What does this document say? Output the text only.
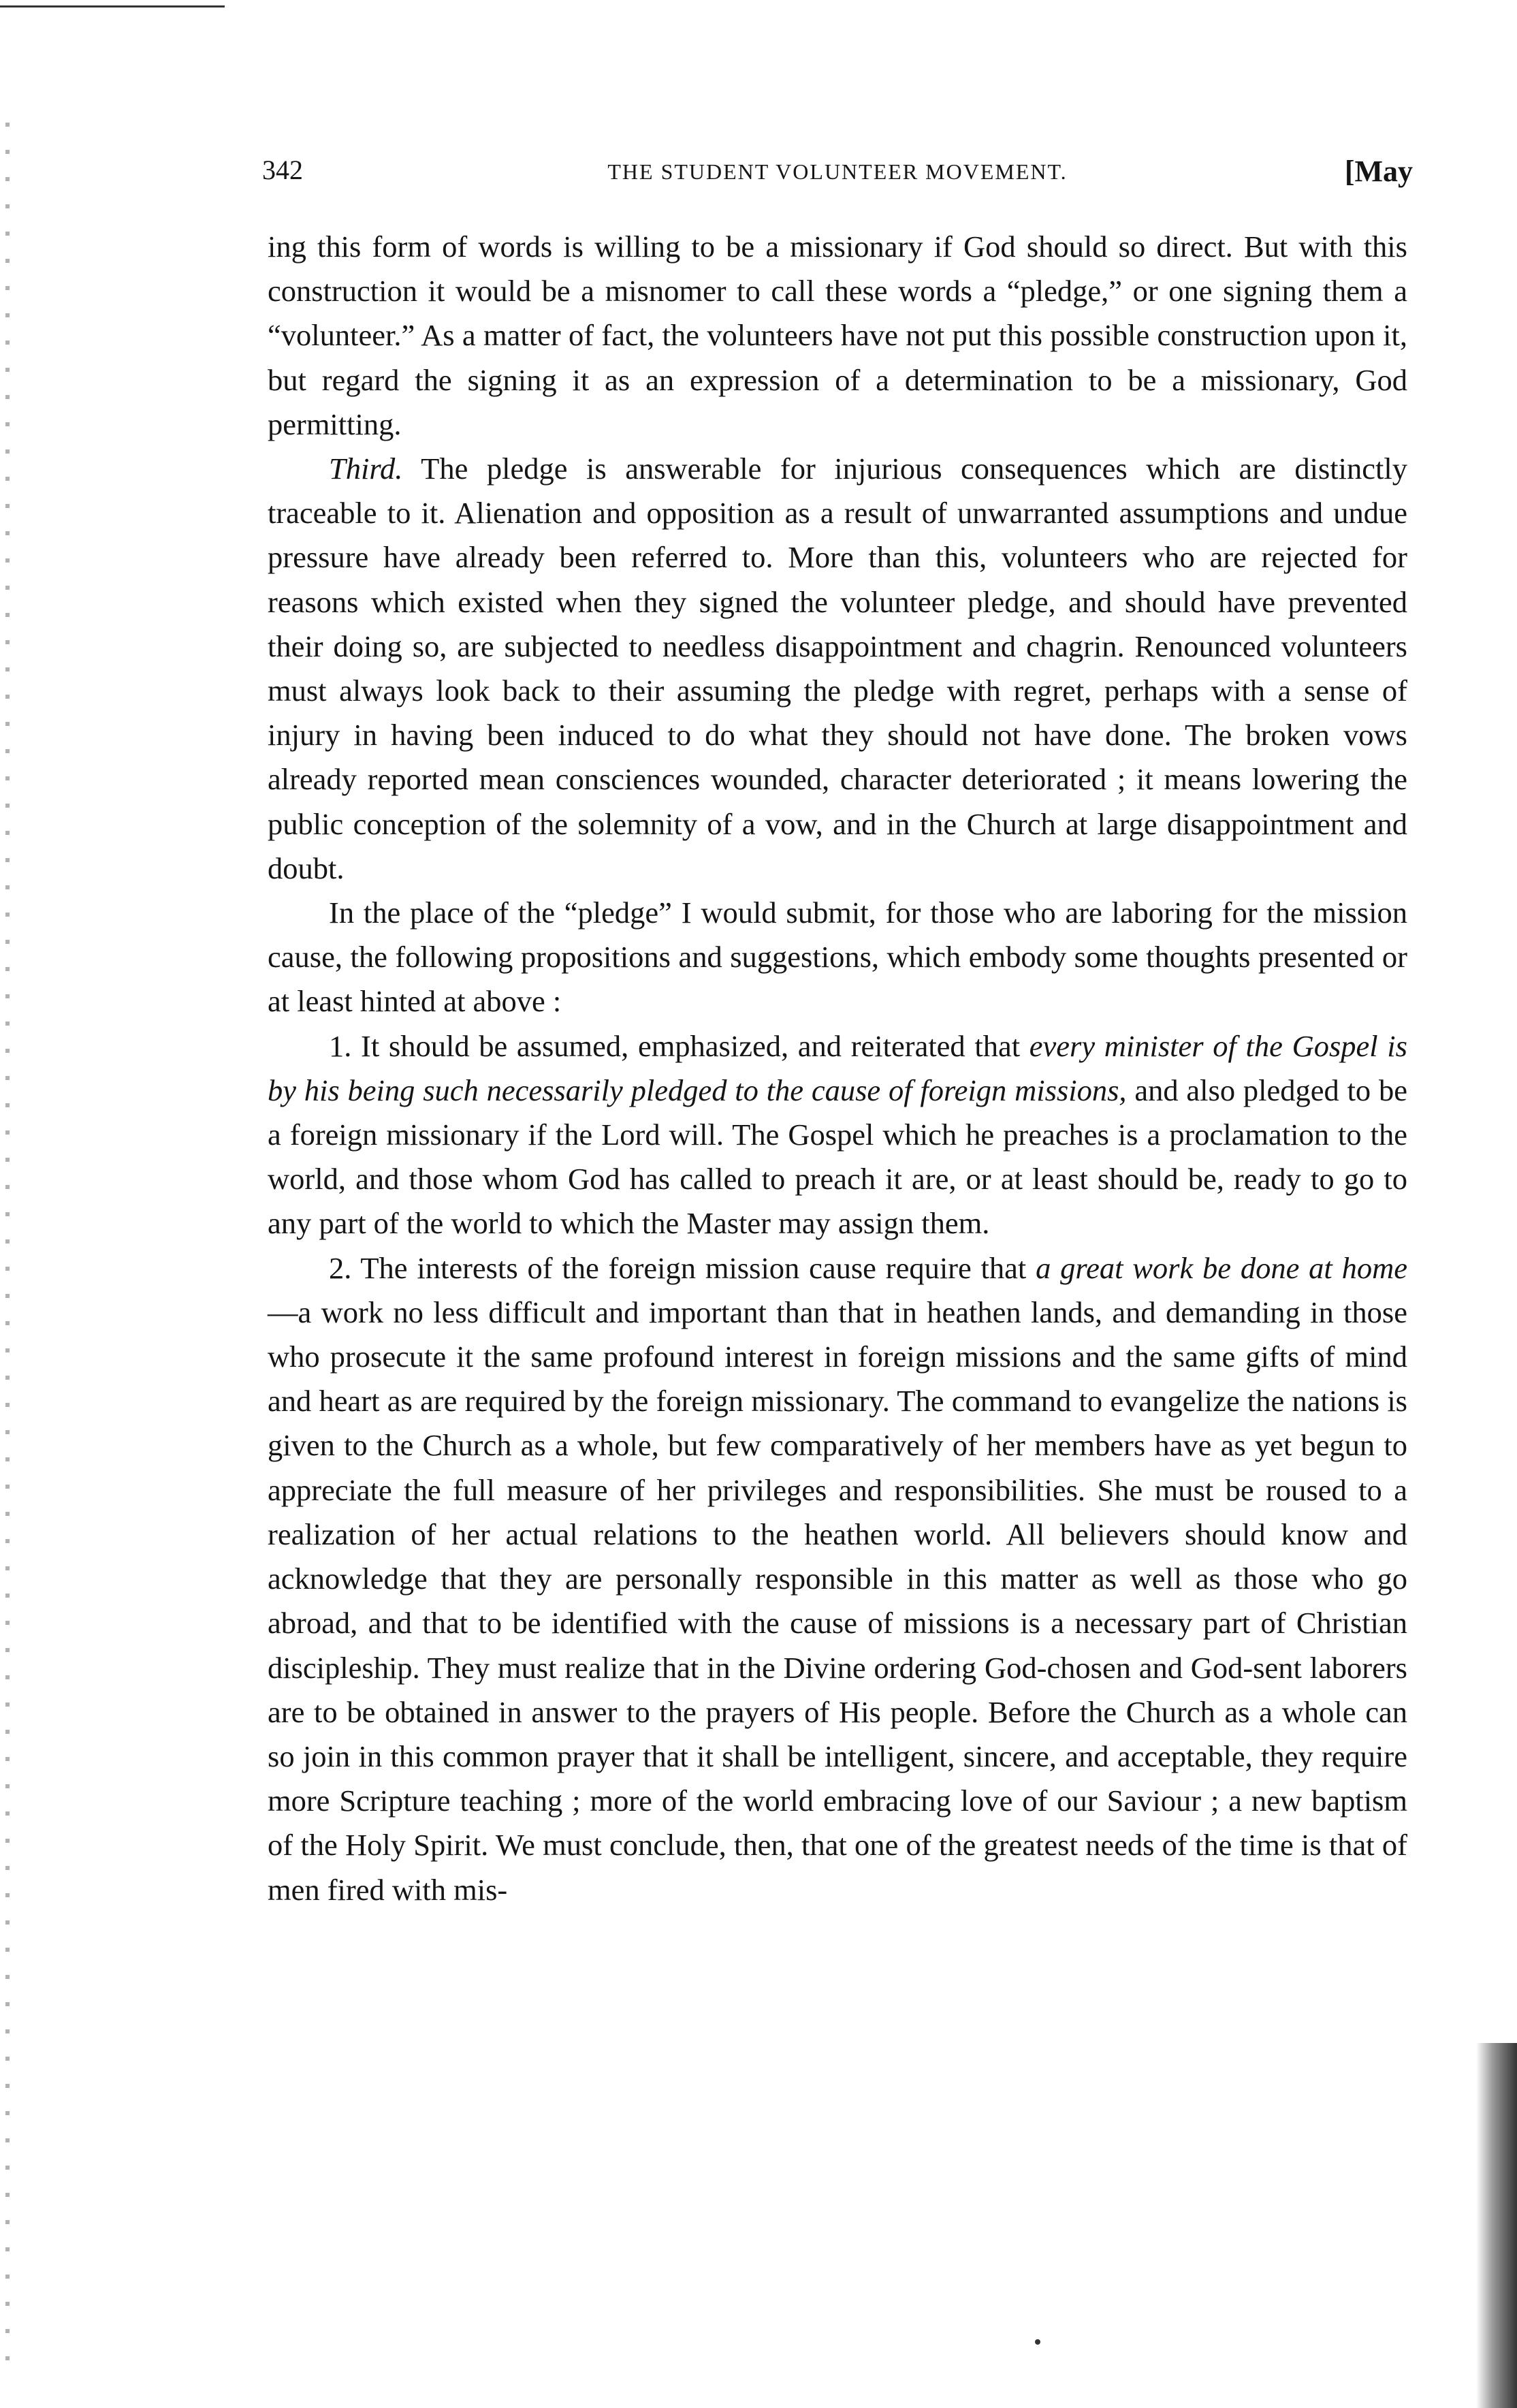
342	THE STUDENT VOLUNTEER MOVEMENT.	[May

ing this form of words is willing to be a missionary if God should so direct. But with this construction it would be a misnomer to call these words a “pledge,” or one signing them a “volunteer.” As a matter of fact, the volunteers have not put this possible construction upon it, but regard the signing it as an expression of a determination to be a missionary, God permitting.

Third. The pledge is answerable for injurious consequences which are distinctly traceable to it. Alienation and opposition as a result of unwarranted assumptions and undue pressure have already been referred to. More than this, volunteers who are rejected for reasons which existed when they signed the volunteer pledge, and should have prevented their doing so, are subjected to needless disappointment and chagrin. Renounced volunteers must always look back to their assuming the pledge with regret, perhaps with a sense of injury in having been induced to do what they should not have done. The broken vows already reported mean consciences wounded, character deteriorated ; it means lowering the public conception of the solemnity of a vow, and in the Church at large disappointment and doubt.

In the place of the “pledge” I would submit, for those who are laboring for the mission cause, the following propositions and suggestions, which embody some thoughts presented or at least hinted at above :

1. It should be assumed, emphasized, and reiterated that every minister of the Gospel is by his being such necessarily pledged to the cause of foreign missions, and also pledged to be a foreign missionary if the Lord will. The Gospel which he preaches is a proclamation to the world, and those whom God has called to preach it are, or at least should be, ready to go to any part of the world to which the Master may assign them.

2. The interests of the foreign mission cause require that a great work be done at home—a work no less difficult and important than that in heathen lands, and demanding in those who prosecute it the same profound interest in foreign missions and the same gifts of mind and heart as are required by the foreign missionary. The command to evangelize the nations is given to the Church as a whole, but few comparatively of her members have as yet begun to appreciate the full measure of her privileges and responsibilities. She must be roused to a realization of her actual relations to the heathen world. All believers should know and acknowledge that they are personally responsible in this matter as well as those who go abroad, and that to be identified with the cause of missions is a necessary part of Christian discipleship. They must realize that in the Divine ordering God-chosen and God-sent laborers are to be obtained in answer to the prayers of His people. Before the Church as a whole can so join in this common prayer that it shall be intelligent, sincere, and acceptable, they require more Scripture teaching ; more of the world embracing love of our Saviour ; a new baptism of the Holy Spirit. We must conclude, then, that one of the greatest needs of the time is that of men fired with mis-
